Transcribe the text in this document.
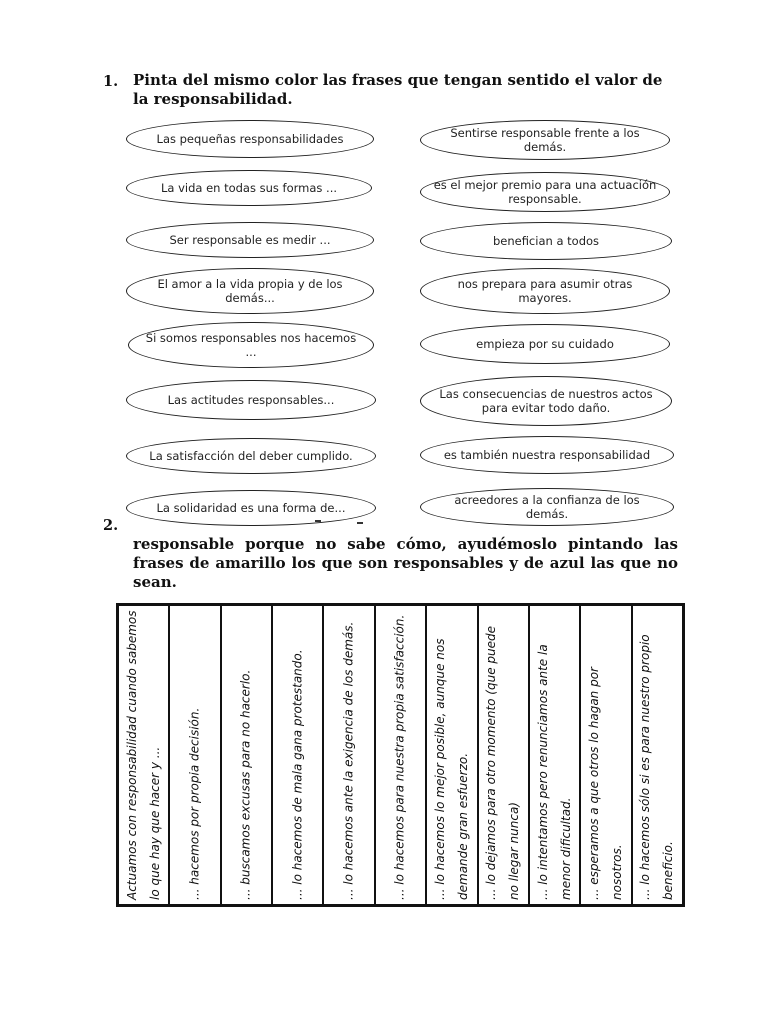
1. Pinta del mismo color las frases que tengan sentido el valor de la responsabilidad.
Las pequeñas responsabilidades
La vida en todas sus formas ...
Ser responsable es medir ...
El amor a la vida propia y de los demás...
Si somos responsables nos hacemos ...
Las actitudes responsables...
La satisfacción del deber cumplido.
La solidaridad es una forma de...
Sentirse responsable frente a los demás.
es el mejor premio para una actuación responsable.
benefician a todos
nos prepara para asumir otras mayores.
empieza por su cuidado
Las consecuencias de nuestros actos para evitar todo daño.
es también nuestra responsabilidad
acreedores a la confianza de los demás.
2.
responsable porque no sabe cómo, ayudémoslo pintando las frases de amarillo los que son responsables y de azul las que no sean.
Actuamos con responsabilidad cuando sabemos lo que hay que hacer y ...	... hacemos por propia decisión.	... buscamos excusas para no hacerlo.	... lo hacemos de mala gana protestando.	... lo hacemos ante la exigencia de los demás.	... lo hacemos para nuestra propia satisfacción.	... lo hacemos lo mejor posible, aunque nos demande gran esfuerzo.	... lo dejamos para otro momento (que puede no llegar nunca)	... lo intentamos pero renunciamos ante la menor dificultad.	... esperamos a que otros lo hagan por nosotros.	... lo hacemos sólo si es para nuestro propio beneficio.
